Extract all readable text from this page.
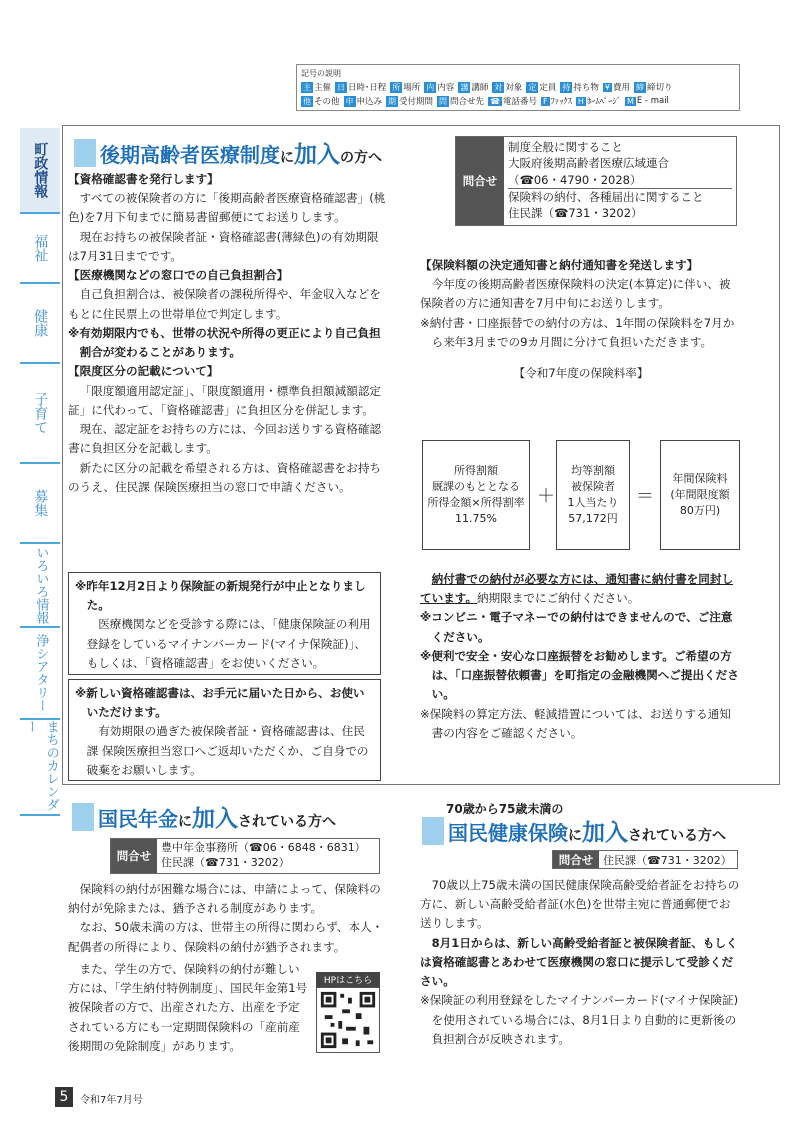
記号の説明
主 主催 日 日時･日程 所 場所 内 内容 講 講師 対 対象 定 定員 持 持ち物 ¥ 費用 締 締切り
他 その他 申 申込み 期 受付期間 問 問合せ先 ☎ 電話番号 F ﾌｧｯｸｽ H ﾎｰﾑﾍﾟｰｼﾞ M E - mail
町政情報
福祉
健康
子育て
募集
いろいろ情報
浄シアタリー
まちのカレンダー
後期高齢者医療制度に加入の方へ
問合せ
制度全般に関すること
大阪府後期高齢者医療広域連合
（☎06・4790・2028）
保険料の納付、各種届出に関すること
住民課（☎731・3202）
【資格確認書を発行します】

すべての被保険者の方に「後期高齢者医療資格確認書」(桃色)を7月下旬までに簡易書留郵便にてお送りします。

現在お持ちの被保険者証・資格確認書(薄緑色)の有効期限は7月31日までです。

【医療機関などの窓口での自己負担割合】

自己負担割合は、被保険者の課税所得や、年金収入などをもとに住民票上の世帯単位で判定します。

※有効期限内でも、世帯の状況や所得の更正により自己負担割合が変わることがあります。
【限度区分の記載について】

「限度額適用認定証」、「限度額適用・標準負担額減額認定証」に代わって、「資格確認書」に負担区分を併記します。

現在、認定証をお持ちの方には、今回お送りする資格確認書に負担区分を記載します。

新たに区分の記載を希望される方は、資格確認書をお持ちのうえ、住民課 保険医療担当の窓口で申請ください。

※昨年12月2日より保険証の新規発行が中止となりました。

医療機関などを受診する際には、「健康保険証の利用登録をしているマイナンバーカード(マイナ保険証)」、もしくは、「資格確認書」をお使いください。

※新しい資格確認書は、お手元に届いた日から、お使いいただけます。

有効期限の過ぎた被保険者証・資格確認書は、住民課 保険医療担当窓口へご返却いただくか、ご自身での破棄をお願いします。

【保険料額の決定通知書と納付通知書を発送します】

今年度の後期高齢者医療保険料の決定(本算定)に伴い、被保険者の方に通知書を7月中旬にお送りします。

※納付書・口座振替での納付の方は、1年間の保険料を7月から来年3月までの9カ月間に分けて負担いただきます。
【令和7年度の保険料率】
所得割額
厩課のもととなる
所得金額×所得割率
11.75%
＋
均等割額
被保険者
1人当たり
57,172円
＝
年間保険料
(年間限度額
80万円)

納付書での納付が必要な方には、通知書に納付書を同封しています。納期限までにご納付ください。

※コンビニ・電子マネーでの納付はできませんので、ご注意ください。
※便利で安全・安心な口座振替をお勧めします。ご希望の方は、「口座振替依頼書」を町指定の金融機関へご提出ください。
※保険料の算定方法、軽減措置については、お送りする通知書の内容をご確認ください。
国民年金に加入されている方へ
問合せ
豊中年金事務所（☎06・6848・6831）
住民課（☎731・3202）

保険料の納付が困難な場合には、申請によって、保険料の納付が免除または、猶予される制度があります。

なお、50歳未満の方は、世帯主の所得に関わらず、本人・配偶者の所得により、保険料の納付が猶予されます。

また、学生の方で、保険料の納付が難しい方には、「学生納付特例制度」、国民年金第1号被保険者の方で、出産された方、出産を予定されている方にも一定期間保険料の「産前産後期間の免除制度」があります。

HPはこちら
70歳から75歳未満の
国民健康保険に加入されている方へ
問合せ 住民課（☎731・3202）

70歳以上75歳未満の国民健康保険高齢受給者証をお持ちの方に、新しい高齢受給者証(水色)を世帯主宛に普通郵便でお送りします。

8月1日からは、新しい高齢受給者証と被保険者証、もしくは資格確認書とあわせて医療機関の窓口に提示して受診ください。

※保険証の利用登録をしたマイナンバーカード(マイナ保険証)を使用されている場合には、8月1日より自動的に更新後の負担割合が反映されます。
5	令和7年7月号
